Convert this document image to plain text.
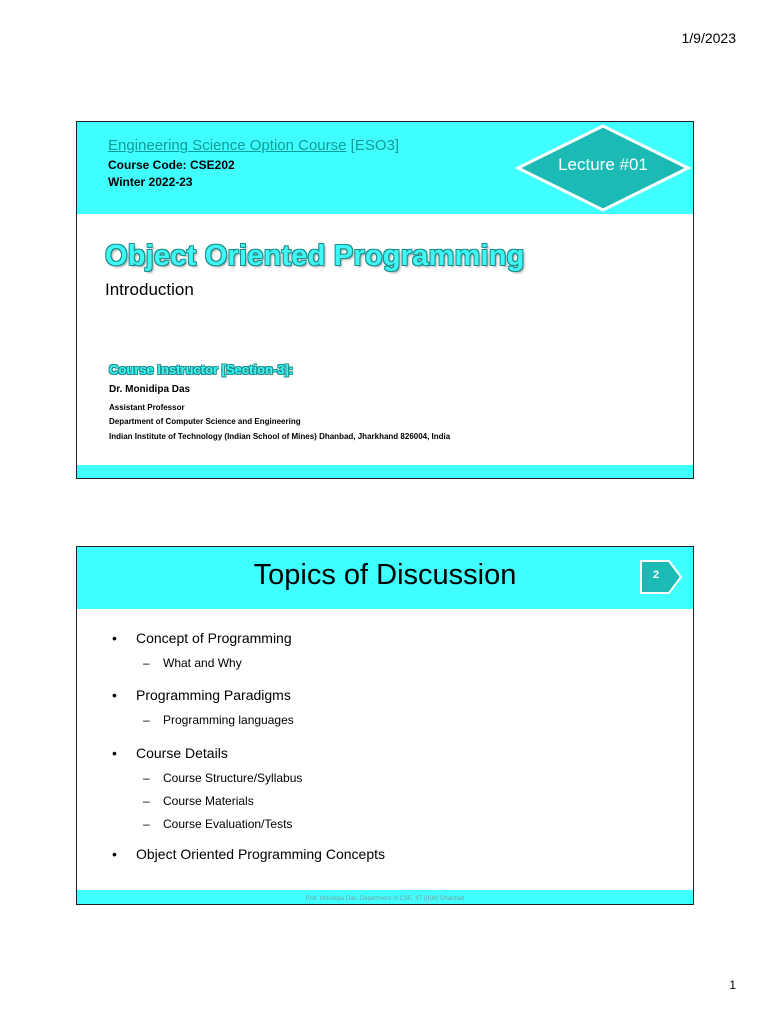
1/9/2023
Engineering Science Option Course [ESO3]
Course Code: CSE202
Winter 2022-23
Lecture #01
Object Oriented Programming
Introduction
Course Instructor [Section-3]:
Dr. Monidipa Das
Assistant Professor
Department of Computer Science and Engineering
Indian Institute of Technology (Indian School of Mines) Dhanbad, Jharkhand 826004, India
Topics of Discussion	2
• Concept of Programming
– What and Why
• Programming Paradigms
– Programming languages
• Course Details
– Course Structure/Syllabus
– Course Materials
– Course Evaluation/Tests
• Object Oriented Programming Concepts
Prof. Monidipa Das, Department of CSE, IIT (ISM) Dhanbad
1
